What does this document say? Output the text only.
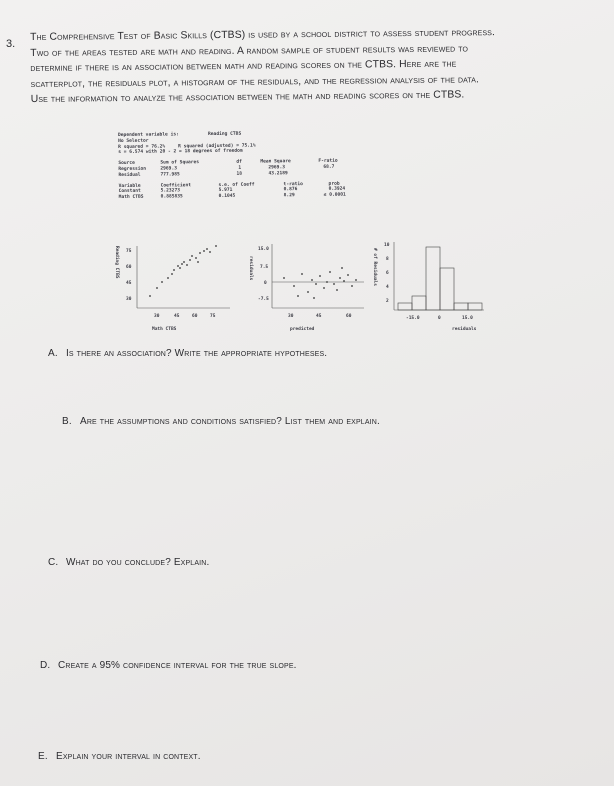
3.
The Comprehensive Test of Basic Skills (CTBS) is used by a school district to assess student progress.
Two of the areas tested are math and reading. A random sample of student results was reviewed to
determine if there is an association between math and reading scores on the CTBS. Here are the
scatterplot, the residuals plot, a histogram of the residuals, and the regression analysis of the data.
Use the information to analyze the association between the math and reading scores on the CTBS.
Dependent variable is:	Reading CTBS
No Selector
R squared = 76.2%	R squared (adjusted) = 75.1%
s = 6.574 with 20 - 2 = 18 degrees of freedom
Source	Sum of Squares	df	Mean Square	F-ratio
Regression	2969.3	1	2969.3	68.7
Residual	777.985	18	43.2189
Variable	Coefficient	s.e. of Coeff	t-ratio	prob
Constant	5.23273	5.971	0.876	0.3924
Math CTBS	0.885835	0.1045	8.29	≤ 0.0001
Reading CTBS 75
60
45
30
30	45	60	75
Math CTBS
residuals
15.0
7.5
0
-7.5
30	45	60
predicted
# of Residuals
10
8
6
4
2
-15.0	0	15.0
residuals
A. Is there an association? Write the appropriate hypotheses.
B. Are the assumptions and conditions satisfied? List them and explain.
C. What do you conclude? Explain.
D. Create a 95% confidence interval for the true slope.
E. Explain your interval in context.
